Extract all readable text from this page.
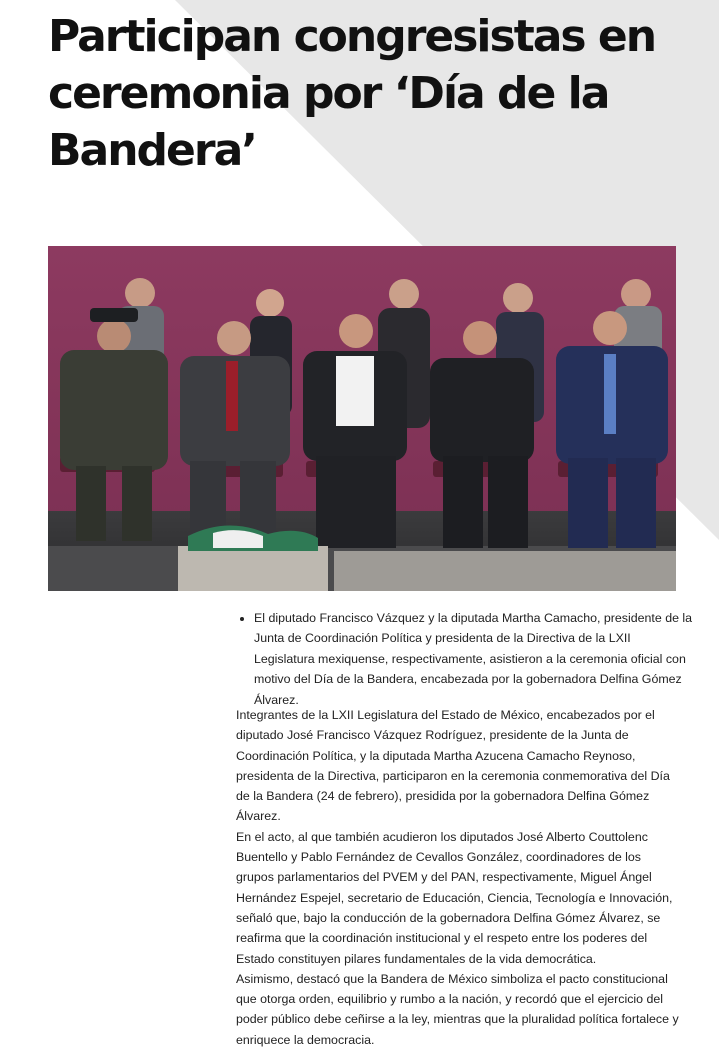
Participan congresistas en ceremonia por ‘Día de la Bandera’
• El diputado Francisco Vázquez y la diputada Martha Camacho, presidente de la Junta de Coordinación Política y presidenta de la Directiva de la LXII Legislatura mexiquense, respectivamente, asistieron a la ceremonia oficial con motivo del Día de la Bandera, encabezada por la gobernadora Delfina Gómez Álvarez.

Integrantes de la LXII Legislatura del Estado de México, encabezados por el diputado José Francisco Vázquez Rodríguez, presidente de la Junta de Coordinación Política, y la diputada Martha Azucena Camacho Reynoso, presidenta de la Directiva, participaron en la ceremonia conmemorativa del Día de la Bandera (24 de febrero), presidida por la gobernadora Delfina Gómez Álvarez.

En el acto, al que también acudieron los diputados José Alberto Couttolenc Buentello y Pablo Fernández de Cevallos González, coordinadores de los grupos parlamentarios del PVEM y del PAN, respectivamente, Miguel Ángel Hernández Espejel, secretario de Educación, Ciencia, Tecnología e Innovación, señaló que, bajo la conducción de la gobernadora Delfina Gómez Álvarez, se reafirma que la coordinación institucional y el respeto entre los poderes del Estado constituyen pilares fundamentales de la vida democrática.

Asimismo, destacó que la Bandera de México simboliza el pacto constitucional que otorga orden, equilibrio y rumbo a la nación, y recordó que el ejercicio del poder público debe ceñirse a la ley, mientras que la pluralidad política fortalece y enriquece la democracia.
